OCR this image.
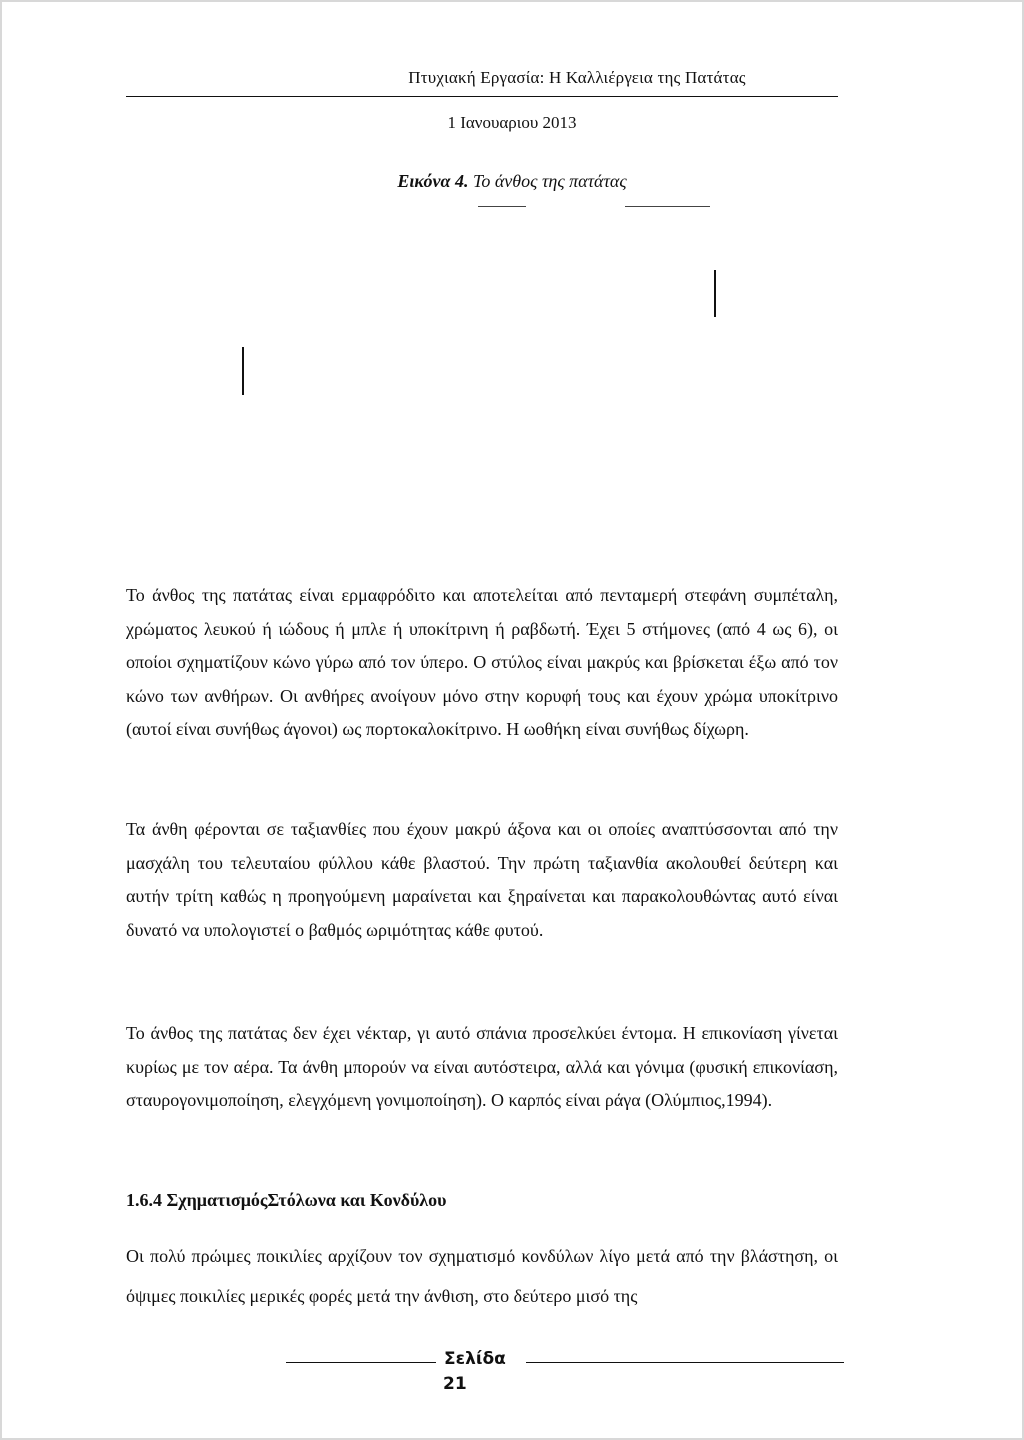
Πτυχιακή Εργασία: Η Καλλιέργεια της Πατάτας
1 Ιανουαριου 2013
Εικόνα 4. Το άνθος της πατάτας

Το άνθος της πατάτας είναι ερμαφρόδιτο και αποτελείται από πενταμερή στεφάνη συμπέταλη, χρώματος λευκού ή ιώδους ή μπλε ή υποκίτρινη ή ραβδωτή. Έχει 5 στήμονες (από 4 ως 6), οι οποίοι σχηματίζουν κώνο γύρω από τον ύπερο. Ο στύλος είναι μακρύς και βρίσκεται έξω από τον κώνο των ανθήρων. Οι ανθήρες ανοίγουν μόνο στην κορυφή τους και έχουν χρώμα υποκίτρινο (αυτοί είναι συνήθως άγονοι) ως πορτοκαλοκίτρινο. Η ωοθήκη είναι συνήθως δίχωρη.

Τα άνθη φέρονται σε ταξιανθίες που έχουν μακρύ άξονα και οι οποίες αναπτύσσονται από την μασχάλη του τελευταίου φύλλου κάθε βλαστού. Την πρώτη ταξιανθία ακολουθεί δεύτερη και αυτήν τρίτη καθώς η προηγούμενη μαραίνεται και ξηραίνεται και παρακολουθώντας αυτό είναι δυνατό να υπολογιστεί ο βαθμός ωριμότητας κάθε φυτού.

Το άνθος της πατάτας δεν έχει νέκταρ, γι αυτό σπάνια προσελκύει έντομα. Η επικονίαση γίνεται κυρίως με τον αέρα. Τα άνθη μπορούν να είναι αυτόστειρα, αλλά και γόνιμα (φυσική επικονίαση, σταυρογονιμοποίηση, ελεγχόμενη γονιμοποίηση). Ο καρπός είναι ράγα (Ολύμπιος,1994).

1.6.4 ΣχηματισμόςΣτόλωνα και Κονδύλου

Οι πολύ πρώιμες ποικιλίες αρχίζουν τον σχηματισμό κονδύλων λίγο μετά από την βλάστηση, οι όψιμες ποικιλίες μερικές φορές μετά την άνθιση, στο δεύτερο μισό της

Σελίδα
21
